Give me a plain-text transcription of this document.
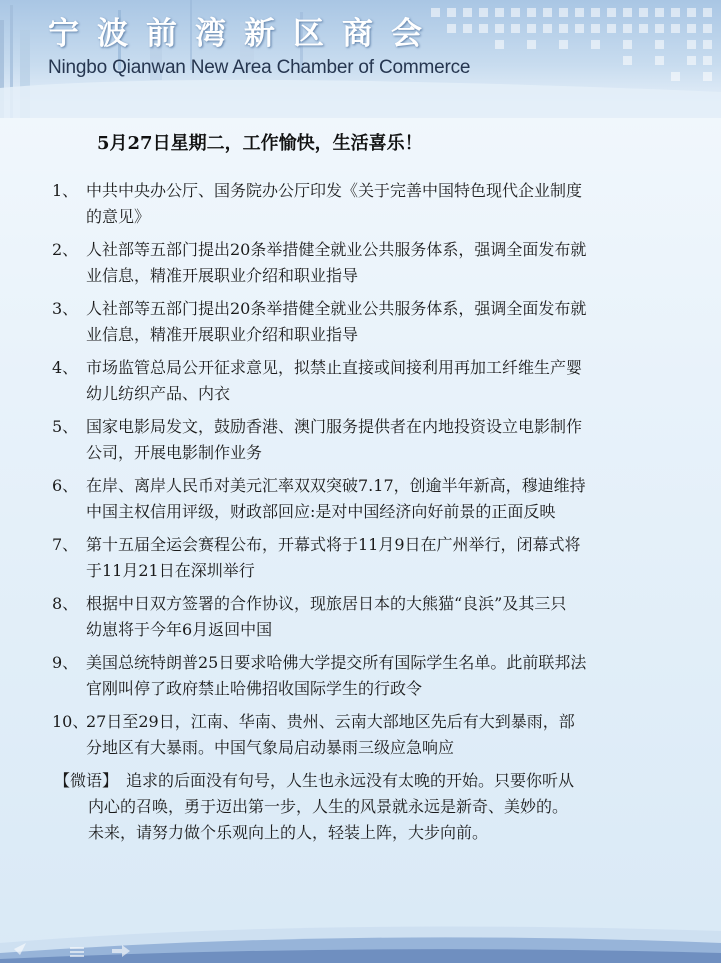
宁波前湾新区商会
Ningbo Qianwan New Area Chamber of Commerce
5月27日星期二，工作愉快，生活喜乐！
1、 中共中央办公厅、国务院办公厅印发《关于完善中国特色现代企业制度
的意见》
2、 人社部等五部门提出20条举措健全就业公共服务体系，强调全面发布就
业信息，精准开展职业介绍和职业指导
3、 人社部等五部门提出20条举措健全就业公共服务体系，强调全面发布就
业信息，精准开展职业介绍和职业指导
4、 市场监管总局公开征求意见，拟禁止直接或间接利用再加工纤维生产婴
幼儿纺织产品、内衣
5、 国家电影局发文，鼓励香港、澳门服务提供者在内地投资设立电影制作
公司，开展电影制作业务
6、 在岸、离岸人民币对美元汇率双双突破7.17，创逾半年新高，穆迪维持
中国主权信用评级，财政部回应:是对中国经济向好前景的正面反映
7、 第十五届全运会赛程公布，开幕式将于11月9日在广州举行，闭幕式将
于11月21日在深圳举行
8、 根据中日双方签署的合作协议，现旅居日本的大熊猫“良浜”及其三只
幼崽将于今年6月返回中国
9、 美国总统特朗普25日要求哈佛大学提交所有国际学生名单。此前联邦法
官刚叫停了政府禁止哈佛招收国际学生的行政令
10、
27日至29日，江南、华南、贵州、云南大部地区先后有大到暴雨，部
分地区有大暴雨。中国气象局启动暴雨三级应急响应
【微语】 追求的后面没有句号，人生也永远没有太晚的开始。只要你听从
内心的召唤，勇于迈出第一步，人生的风景就永远是新奇、美妙的。
未来，请努力做个乐观向上的人，轻装上阵，大步向前。
